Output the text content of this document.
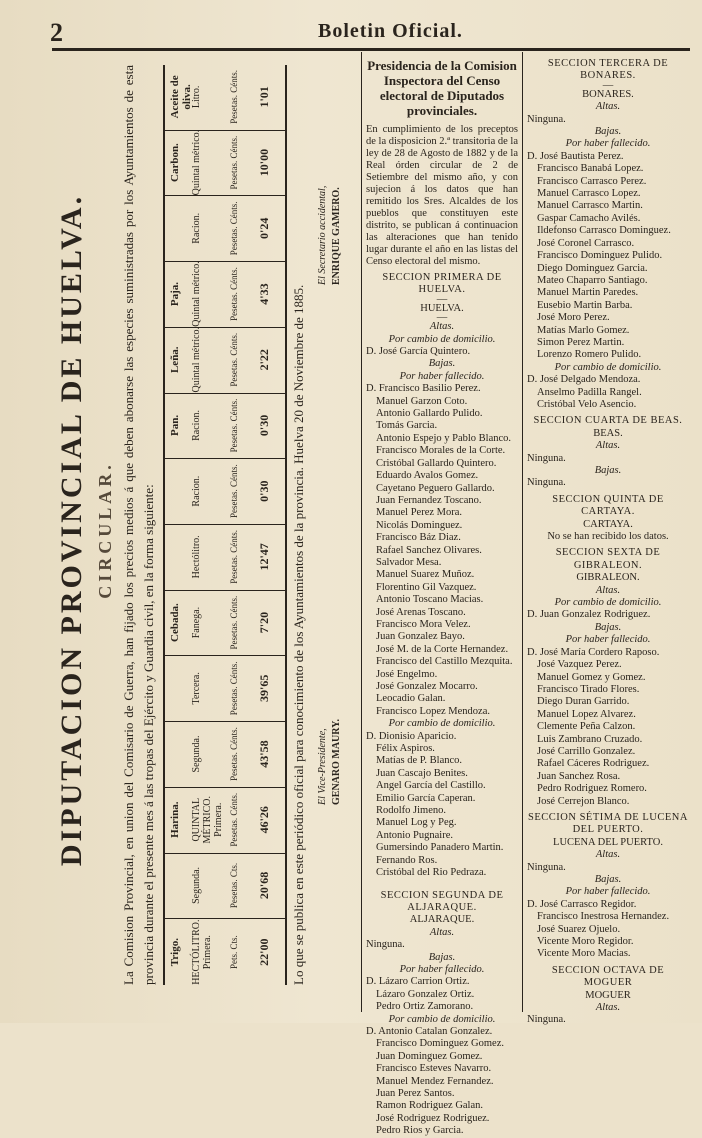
2	Boletin Oficial.
DIPUTACION PROVINCIAL DE HUELVA. CIRCULAR. La Comision Provincial, en union del Comisario de Guerra, han fijado los precios medios á que deben abonarse las especies suministradas por los Ayuntamientos de esta provincia durante el presente mes á las tropas del Ejército y Guardia civil, en la forma siguiente: Trigo. HECTÓLITRO. Primera. Pets. Cts. 22'00
Segunda.	Pesetas. Cts. 20'68
Harina. QUINTAL MÉTRICO. Primera. Pesetas. Cénts. 46'26
Segunda.	Pesetas. Cénts. 43'58
Tercera.	Pesetas. Cénts. 39'65
Cebada. Fanega.	Pesetas. Cénts. 7'20
Hectólitro.	Pesetas. Cénts. 12'47
Racion.	Pesetas. Cénts. 0'30
Pan. Racion.	Pesetas. Cénts. 0'30
Leña. Quintal métrico.	Pesetas. Cénts. 2'22
Paja. Quintal métrico.	Pesetas. Cénts. 4'33
Racion.	Pesetas. Cénts. 0'24
Carbon. Quintal métrico.	Pesetas. Cénts. 10'00
Aceite de oliva.
Litro.	Pesetas. Cénts. 1'01
Lo que se publica en este periódico oficial para conocimiento de los Ayuntamientos de la provincia. Huelva 20 de Noviembre de 1885. El Vice-Presidente, GENARO MAURY.
El Secretario accidental, ENRIQUE GAMERO.
Presidencia de la Comision Inspectora del Censo electoral de Diputados provinciales.
En cumplimiento de los preceptos de la disposicion 2.ª transitoria de la ley de 28 de Agosto de 1882 y de la Real órden circular de 2 de Setiembre del mismo año, y con sujecion á los datos que han remitido los Sres. Alcaldes de los pueblos que constituyen este distrito, se publican á continuacion las alteraciones que han tenido lugar durante el año en las listas del Censo electoral del mismo.
SECCION PRIMERA DE HUELVA.
—
HUELVA.
—
Altas.
Por cambio de domicilio.
D. José García Quintero.
Bajas.
Por haber fallecido.
D. Francisco Basilio Perez.
Manuel Garzon Coto.
Antonio Gallardo Pulido.
Tomás Garcia.
Antonio Espejo y Pablo Blanco.
Francisco Morales de la Corte.
Cristóbal Gallardo Quintero.
Eduardo Avalos Gomez.
Cayetano Peguero Gallardo.
Juan Fernandez Toscano.
Manuel Perez Mora.
Nicolás Dominguez.
Francisco Báz Diaz.
Rafael Sanchez Olivares.
Salvador Mesa.
Manuel Suarez Muñoz.
Florentino Gil Vazquez.
Antonio Toscano Macias.
José Arenas Toscano.
Francisco Mora Velez.
Juan Gonzalez Bayo.
José M. de la Corte Hernandez.
Francisco del Castillo Mezquita.
José Engelmo.
José Gonzalez Mocarro.
Leocadio Galan.
Francisco Lopez Mendoza.
Por cambio de domicilio.
D. Dionisio Aparicio.
Félix Aspiros.
Matías de P. Blanco.
Juan Cascajo Benites.
Angel García del Castillo.
Emilio García Caperan.
Rodolfo Jimeno.
Manuel Log y Peg.
Antonio Pugnaire.
Gumersindo Panadero Martin.
Fernando Ros.
Cristóbal del Rio Pedraza.
SECCION SEGUNDA DE ALJARAQUE.
ALJARAQUE.
Altas.
Ninguna.
Bajas.
Por haber fallecido.
D. Lázaro Carrion Ortiz.
Lázaro Gonzalez Ortiz.
Pedro Ortiz Zamorano.
Por cambio de domicilio.
D. Antonio Catalan Gonzalez.
Francisco Dominguez Gomez.
Juan Dominguez Gomez.
Francisco Esteves Navarro.
Manuel Mendez Fernandez.
Juan Perez Santos.
Ramon Rodriguez Galan.
José Rodriguez Rodriguez.
Pedro Rios y Garcia.
SECCION TERCERA DE BONARES.
—
BONARES.
Altas.
Ninguna.
Bajas.
Por haber fallecido.
D. José Bautista Perez.
Francisco Banabá Lopez.
Francisco Carrasco Perez.
Manuel Carrasco Lopez.
Manuel Carrasco Martin.
Gaspar Camacho Avilés.
Ildefonso Carrasco Dominguez.
José Coronel Carrasco.
Francisco Dominguez Pulido.
Diego Dominguez Garcia.
Mateo Chaparro Santiago.
Manuel Martin Paredes.
Eusebio Martin Barba.
José Moro Perez.
Matías Marlo Gomez.
Simon Perez Martin.
Lorenzo Romero Pulido.
Por cambio de domicilio.
D. José Delgado Mendoza.
Anselmo Padilla Rangel.
Cristóbal Velo Asencio.
SECCION CUARTA DE BEAS.
BEAS.
Altas.
Ninguna.
Bajas.
Ninguna.
SECCION QUINTA DE CARTAYA.
CARTAYA.
No se han recibido los datos.
SECCION SEXTA DE GIBRALEON.
GIBRALEON.
Altas.
Por cambio de domicilio.
D. Juan Gonzalez Rodriguez.
Bajas.
Por haber fallecido.
D. José María Cordero Raposo.
José Vazquez Perez.
Manuel Gomez y Gomez.
Francisco Tirado Flores.
Diego Duran Garrido.
Manuel Lopez Alvarez.
Clemente Peña Calzon.
Luis Zambrano Cruzado.
José Carrillo Gonzalez.
Rafael Cáceres Rodriguez.
Juan Sanchez Rosa.
Pedro Rodriguez Romero.
José Cerrejon Blanco.
SECCION SÉTIMA DE LUCENA DEL PUERTO.
LUCENA DEL PUERTO.
Altas.
Ninguna.
Bajas.
Por haber fallecido.
D. José Carrasco Regidor.
Francisco Inestrosa Hernandez.
José Suarez Ojuelo.
Vicente Moro Regidor.
Vicente Moro Macias.
SECCION OCTAVA DE MOGUER
MOGUER
Altas.
Ninguna.
